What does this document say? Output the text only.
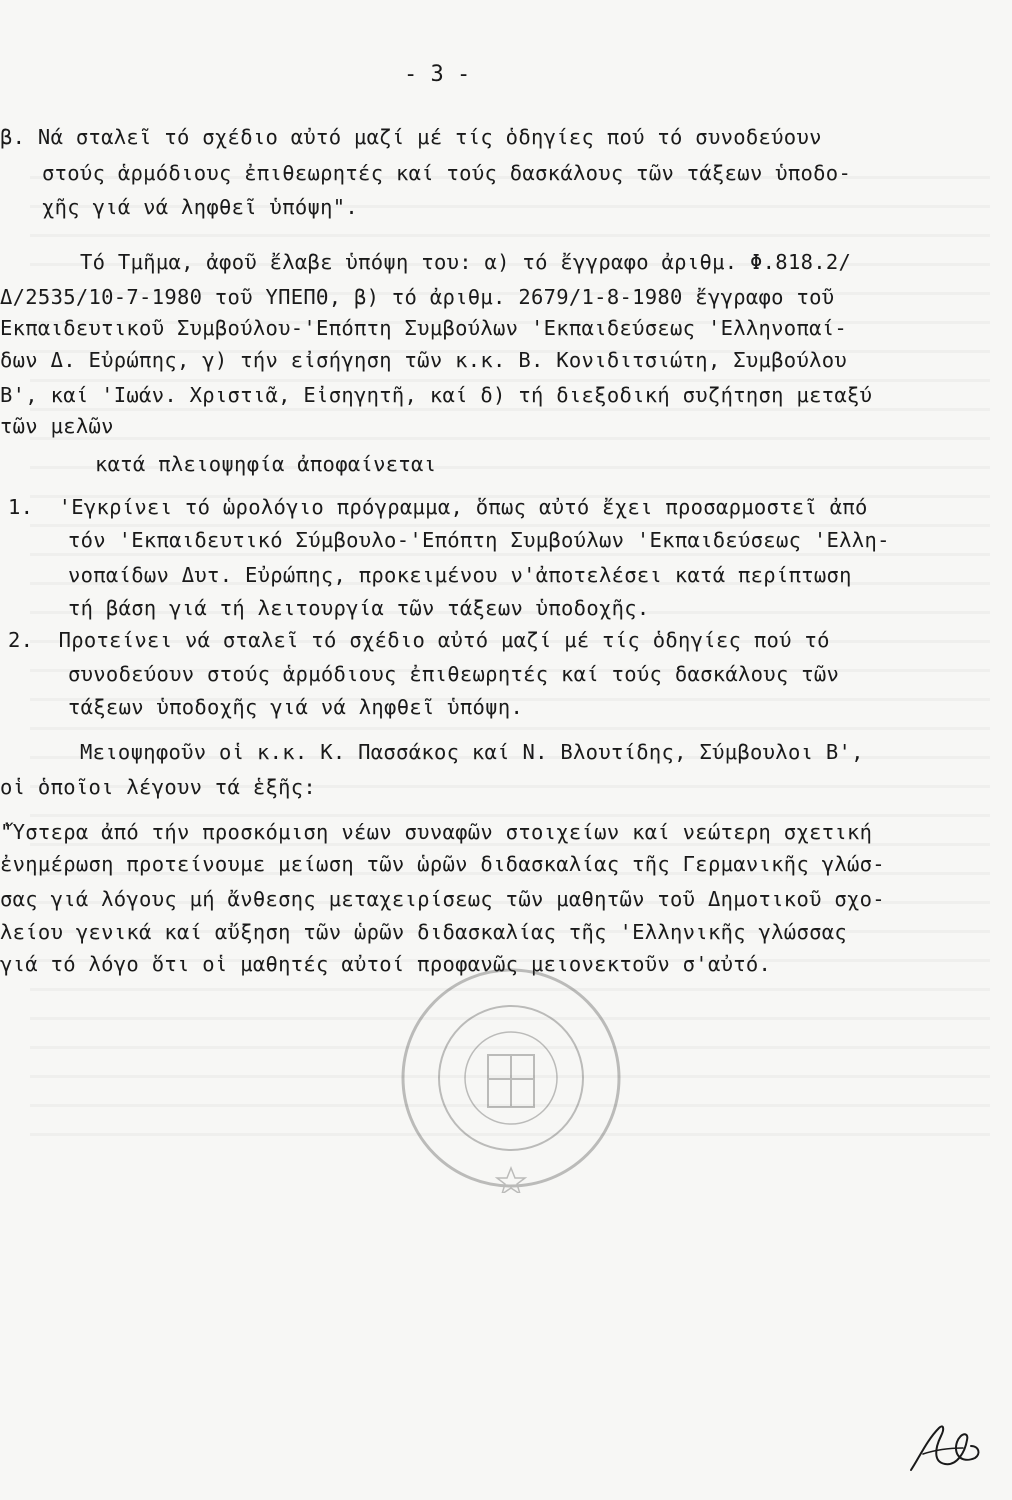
- 3 -
β. Νά σταλεῖ τό σχέδιο αὐτό μαζί μέ τίς ὁδηγίες πού τό συνοδεύουν
στούς ἁρμόδιους ἐπιθεωρητές καί τούς δασκάλους τῶν τάξεων ὑποδο-
χῆς γιά νά ληφθεῖ ὑπόψη".
Τό Τμῆμα, ἀφοῦ ἔλαβε ὑπόψη του: α) τό ἔγγραφο ἀριθμ. Φ.818.2/
Δ/2535/10-7-1980 τοῦ ΥΠΕΠΘ, β) τό ἀριθμ. 2679/1-8-1980 ἔγγραφο τοῦ
Εκπαιδευτικοῦ Συμβούλου-'Επόπτη Συμβούλων 'Εκπαιδεύσεως 'Ελληνοπαί-
δων Δ. Εὐρώπης, γ) τήν εἰσήγηση τῶν κ.κ. Β. Κονιδιτσιώτη, Συμβούλου
Β', καί 'Ιωάν. Χριστιᾶ, Εἰσηγητῆ, καί δ) τή διεξοδική συζήτηση μεταξύ
τῶν μελῶν
κατά πλειοψηφία ἀποφαίνεται
1.  'Εγκρίνει τό ὡρολόγιο πρόγραμμα, ὅπως αὐτό ἔχει προσαρμοστεῖ ἀπό
τόν 'Εκπαιδευτικό Σύμβουλο-'Επόπτη Συμβούλων 'Εκπαιδεύσεως 'Ελλη-
νοπαίδων Δυτ. Εὐρώπης, προκειμένου ν'ἀποτελέσει κατά περίπτωση
τή βάση γιά τή λειτουργία τῶν τάξεων ὑποδοχῆς.
2.  Προτείνει νά σταλεῖ τό σχέδιο αὐτό μαζί μέ τίς ὁδηγίες πού τό
συνοδεύουν στούς ἁρμόδιους ἐπιθεωρητές καί τούς δασκάλους τῶν
τάξεων ὑποδοχῆς γιά νά ληφθεῖ ὑπόψη.
Μειοψηφοῦν οἱ κ.κ. Κ. Πασσάκος καί Ν. Βλουτίδης, Σύμβουλοι Β',
οἱ ὁποῖοι λέγουν τά ἑξῆς:
"Ὕστερα ἀπό τήν προσκόμιση νέων συναφῶν στοιχείων καί νεώτερη σχετική
ἐνημέρωση προτείνουμε μείωση τῶν ὡρῶν διδασκαλίας τῆς Γερμανικῆς γλώσ-
σας γιά λόγους μή ἄνθεσης μεταχειρίσεως τῶν μαθητῶν τοῦ Δημοτικοῦ σχο-
λείου γενικά καί αὔξηση τῶν ὡρῶν διδασκαλίας τῆς 'Ελληνικῆς γλώσσας
γιά τό λόγο ὅτι οἱ μαθητές αὐτοί προφανῶς μειονεκτοῦν σ'αὐτό.
